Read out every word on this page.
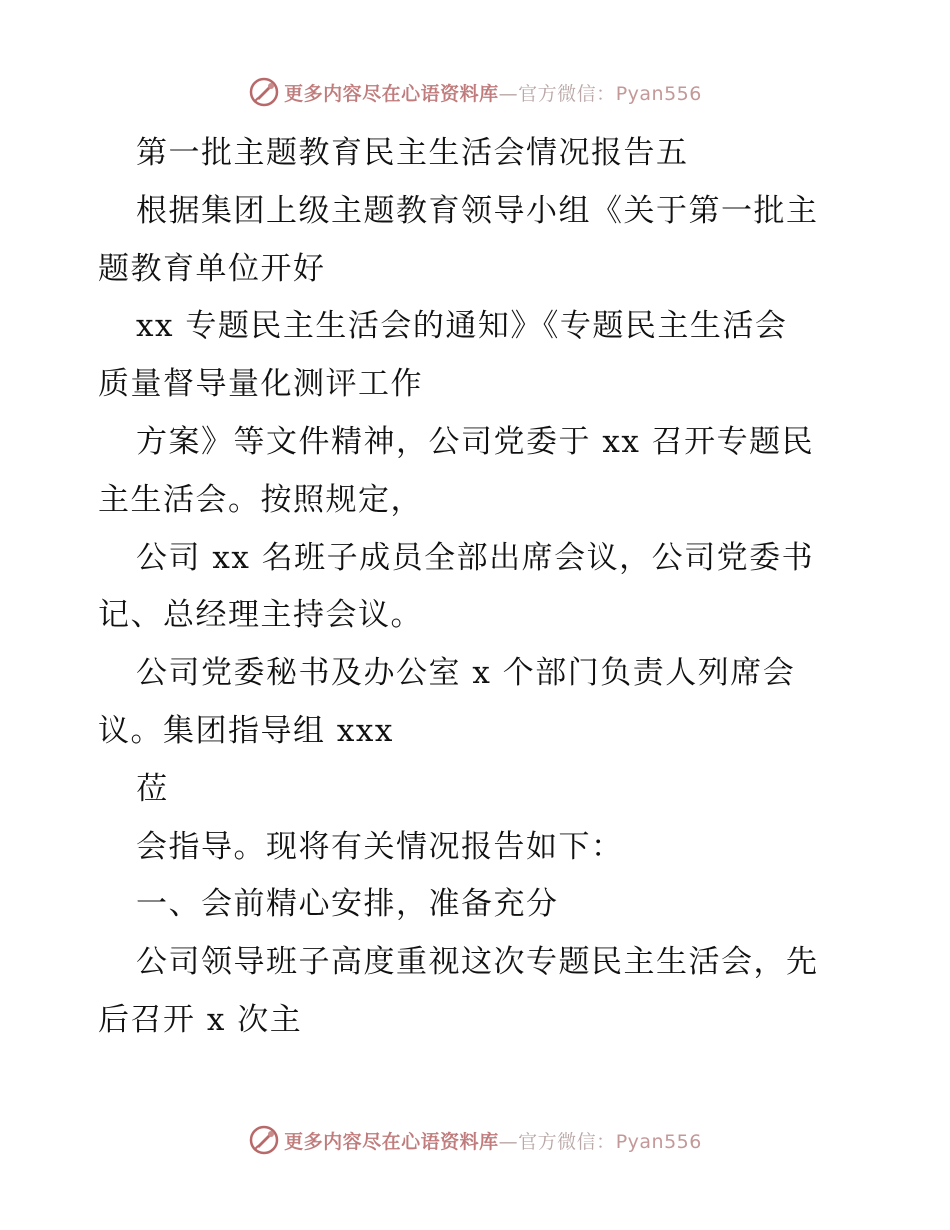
更多内容尽在心语资料库—官方微信：Pyan556
第一批主题教育民主生活会情况报告五
根据集团上级主题教育领导小组《关于第一批主
题教育单位开好
xx 专题民主生活会的通知》《专题民主生活会
质量督导量化测评工作
方案》等文件精神，公司党委于 xx 召开专题民
主生活会。按照规定，
公司 xx 名班子成员全部出席会议，公司党委书
记、总经理主持会议。
公司党委秘书及办公室 x 个部门负责人列席会
议。集团指导组 xxx
莅
会指导。现将有关情况报告如下：
一、会前精心安排，准备充分
公司领导班子高度重视这次专题民主生活会，先
后召开 x 次主
更多内容尽在心语资料库—官方微信：Pyan556
